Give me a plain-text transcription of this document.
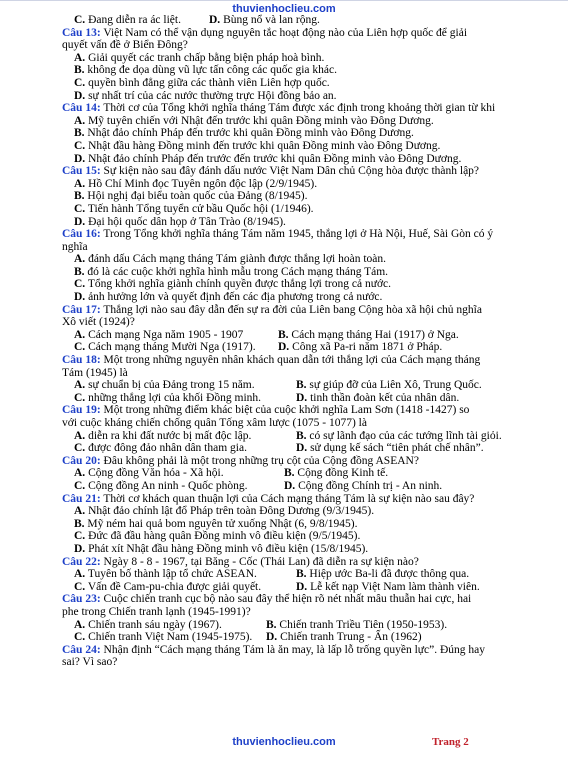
thuvienhoclieu.com
C. Đang diễn ra ác liệt.	D. Bùng nổ và lan rộng.
Câu 13: Việt Nam có thể vận dụng nguyên tắc hoạt động nào của Liên hợp quốc để giải
quyết vấn đề ở Biển Đông?
A. Giải quyết các tranh chấp bằng biện pháp hoà bình.
B. không đe dọa dùng vũ lực tấn công các quốc gia khác.
C. quyền bình đẳng giữa các thành viên Liên hợp quốc.
D. sự nhất trí của các nước thường trực Hội đồng bảo an.
Câu 14: Thời cơ của Tổng khởi nghĩa tháng Tám được xác định trong khoảng thời gian từ khi
A. Mỹ tuyên chiến với Nhật đến trước khi quân Đồng minh vào Đông Dương.
B. Nhật đảo chính Pháp đến trước khi quân Đồng minh vào Đông Dương.
C. Nhật đầu hàng Đồng minh đến trước khi quân Đồng minh vào Đông Dương.
D. Nhật đảo chính Pháp đến trước đến trước khi quân Đồng minh vào Đông Dương.
Câu 15: Sự kiện nào sau đây đánh dấu nước Việt Nam Dân chủ Cộng hòa được thành lập?
A. Hồ Chí Minh đọc Tuyên ngôn độc lập (2/9/1945).
B. Hội nghị đại biểu toàn quốc của Đảng (8/1945).
C. Tiến hành Tổng tuyển cử bầu Quốc hội (1/1946).
D. Đại hội quốc dân họp ở Tân Trào (8/1945).
Câu 16: Trong Tổng khởi nghĩa tháng Tám năm 1945, thắng lợi ở Hà Nội, Huế, Sài Gòn có ý
nghĩa
A. đánh dấu Cách mạng tháng Tám giành được thắng lợi hoàn toàn.
B. đó là các cuộc khởi nghĩa hình mẫu trong Cách mạng tháng Tám.
C. Tổng khởi nghĩa giành chính quyền được thắng lợi trong cả nước.
D. ảnh hưởng lớn và quyết định đến các địa phương trong cả nước.
Câu 17: Thắng lợi nào sau đây dẫn đến sự ra đời của Liên bang Cộng hòa xã hội chủ nghĩa
Xô viết (1924)?
A. Cách mạng Nga năm 1905 - 1907	B. Cách mạng tháng Hai (1917) ở Nga.
C. Cách mạng tháng Mười Nga (1917).	D. Công xã Pa-ri năm 1871 ở Pháp.
Câu 18: Một trong những nguyên nhân khách quan dẫn tới thắng lợi của Cách mạng tháng
Tám (1945) là
A. sự chuẩn bị của Đảng trong 15 năm.	B. sự giúp đỡ của Liên Xô, Trung Quốc.
C. những thắng lợi của khối Đồng minh.	D. tinh thần đoàn kết của nhân dân.
Câu 19: Một trong những điểm khác biệt của cuộc khởi nghĩa Lam Sơn (1418 -1427) so
với cuộc kháng chiến chống quân Tống xâm lược (1075 - 1077) là
A. diễn ra khi đất nước bị mất độc lập.	B. có sự lãnh đạo của các tướng lĩnh tài giỏi.
C. được đông đảo nhân dân tham gia.	D. sử dụng kế sách “tiên phát chế nhân”.
Câu 20: Đâu không phải là một trong những trụ cột của Cộng đồng ASEAN?
A. Cộng đồng Văn hóa - Xã hội.	B. Cộng đồng Kinh tế.
C. Cộng đồng An ninh - Quốc phòng.	D. Cộng đồng Chính trị - An ninh.
Câu 21: Thời cơ khách quan thuận lợi của Cách mạng tháng Tám là sự kiện nào sau đây?
A. Nhật đảo chính lật đổ Pháp trên toàn Đông Dương (9/3/1945).
B. Mỹ ném hai quả bom nguyên tử xuống Nhật (6, 9/8/1945).
C. Đức đã đầu hàng quân Đồng minh vô điều kiện (9/5/1945).
D. Phát xít Nhật đầu hàng Đồng minh vô điều kiện (15/8/1945).
Câu 22: Ngày 8 - 8 - 1967, tại Băng - Cốc (Thái Lan) đã diễn ra sự kiện nào?
A. Tuyên bố thành lập tổ chức ASEAN.	B. Hiệp ước Ba-li đã được thông qua.
C. Vấn đề Cam-pu-chia được giải quyết.	D. Lễ kết nạp Việt Nam làm thành viên.
Câu 23: Cuộc chiến tranh cục bộ nào sau đây thể hiện rõ nét nhất mâu thuẫn hai cực, hai
phe trong Chiến tranh lạnh (1945-1991)?
A. Chiến tranh sáu ngày (1967).	B. Chiến tranh Triều Tiên (1950-1953).
C. Chiến tranh Việt Nam (1945-1975).	D. Chiến tranh Trung - Ấn (1962)
Câu 24: Nhận định “Cách mạng tháng Tám là ăn may, là lấp lỗ trống quyền lực”. Đúng hay
sai? Vì sao?
thuvienhoclieu.com	Trang 2
